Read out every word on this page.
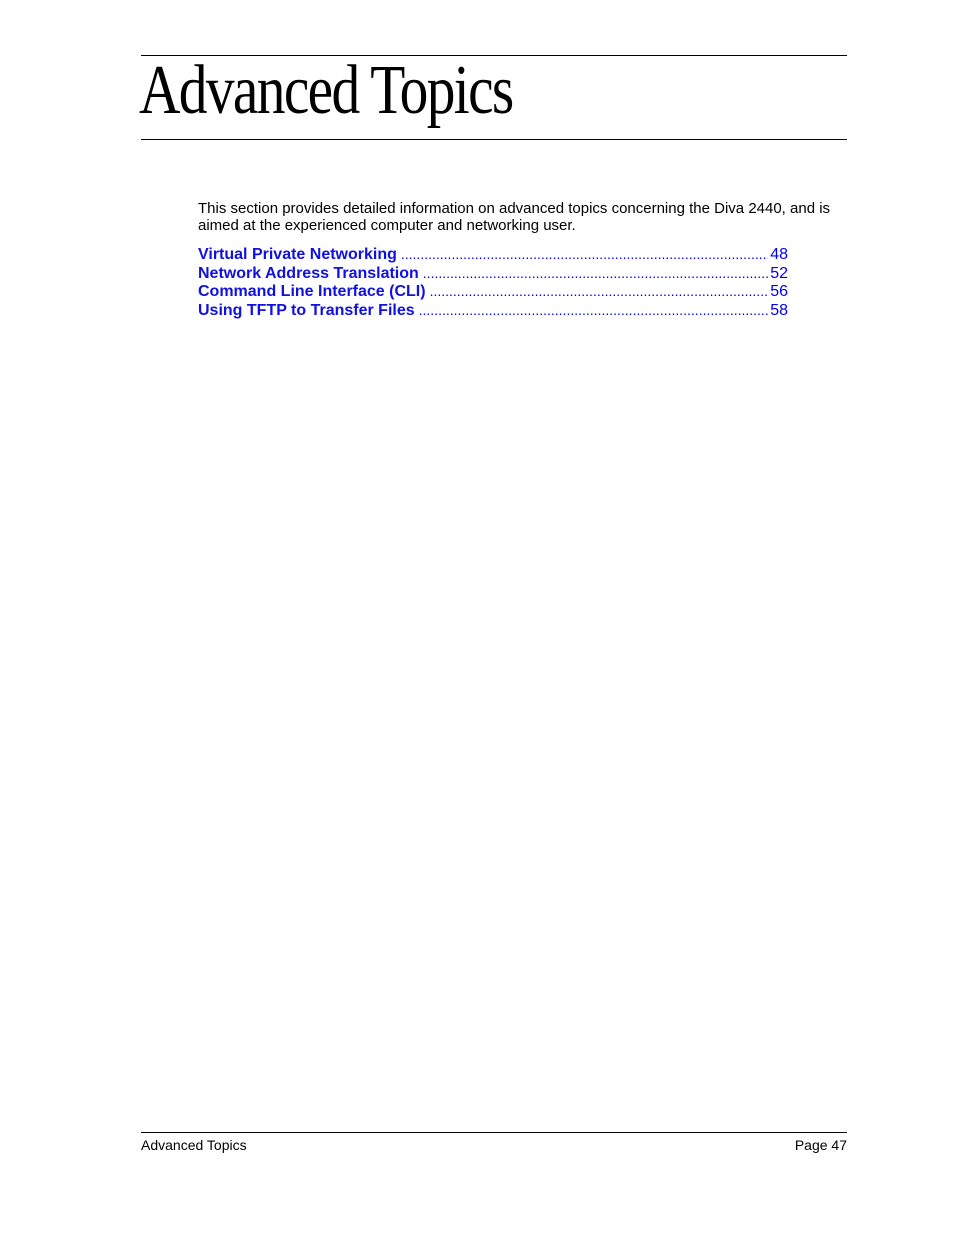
Advanced Topics
This section provides detailed information on advanced topics concerning the Diva 2440, and is aimed at the experienced computer and networking user.
Virtual Private Networking .....	48
Network Address Translation .....	52
Command Line Interface (CLI) .....	56
Using TFTP to Transfer Files .....	58
Advanced Topics	Page 47
